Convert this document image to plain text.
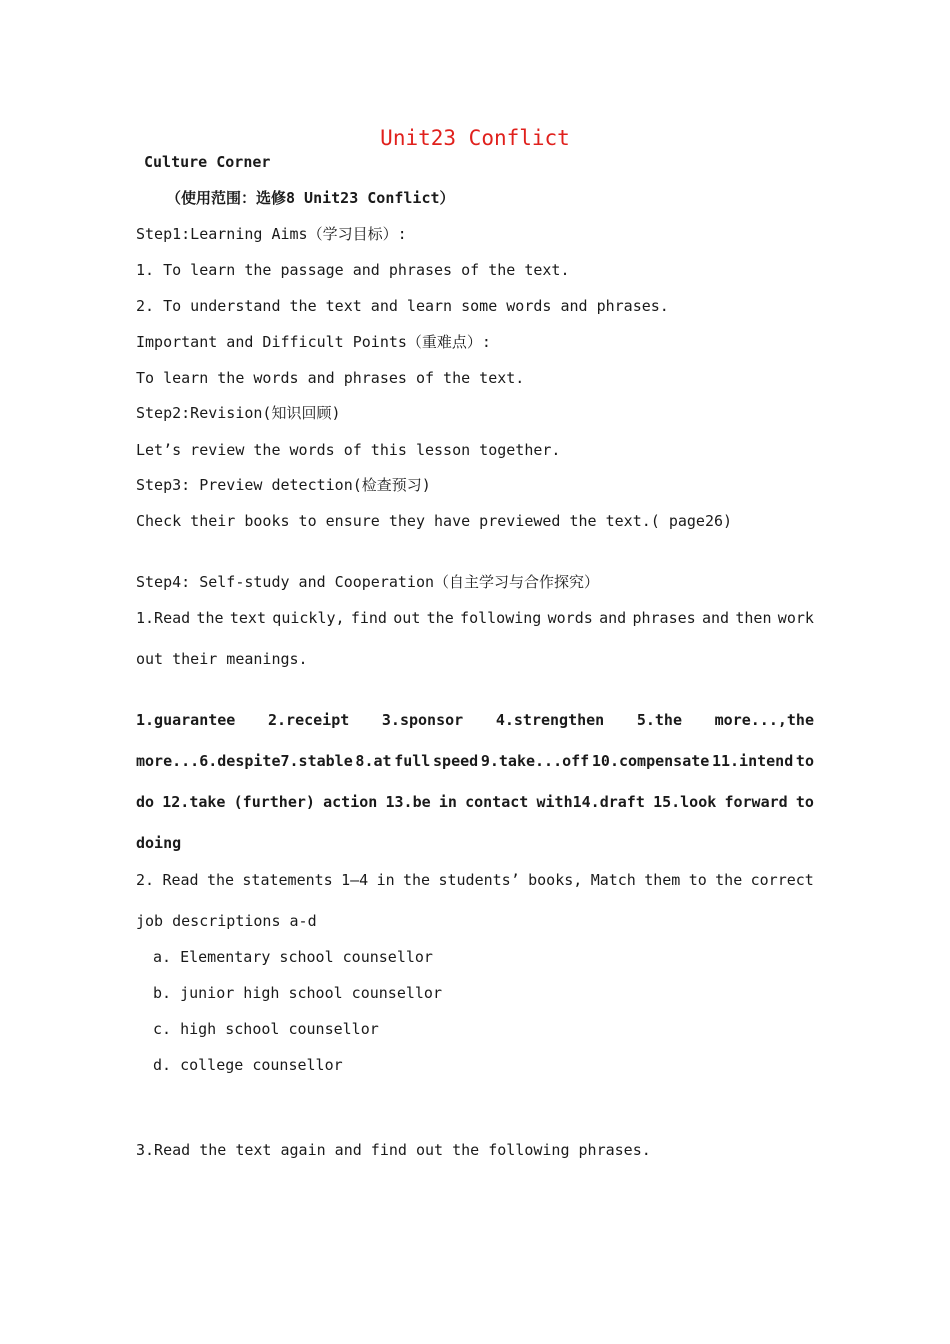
Unit23 Conflict
Culture Corner
（使用范围：选修8 Unit23 Conflict）
Step1:Learning Aims（学习目标）:
1. To learn the passage and phrases of the text.
2. To understand the text and learn some words and phrases.
Important and Difficult Points（重难点）:
To learn the words and phrases of the text.
Step2:Revision(知识回顾)
Let’s review the words of this lesson together.
Step3: Preview detection(检查预习)
Check their books to ensure they have previewed the text.( page26)
Step4: Self-study and Cooperation（自主学习与合作探究）
1.Read the text quickly, find out the following words and phrases and then work
out their meanings.
1.guarantee 2.receipt 3.sponsor 4.strengthen 5.the more...,the
more...6.despite7.stable 8.at full speed 9.take...off 10.compensate 11.intend to
do 12.take (further) action 13.be in contact with14.draft 15.look forward to
doing
2. Read the statements 1—4 in the students’ books, Match them to the correct
job descriptions a-d
a. Elementary school counsellor
b. junior high school counsellor
c. high school counsellor
d. college counsellor
3.Read the text again and find out the following phrases.
